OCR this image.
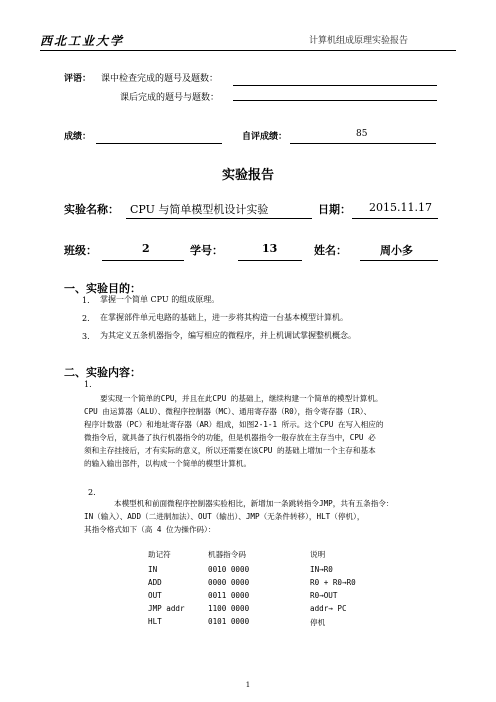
西北工业大学	计算机组成原理实验报告
评语： 课中检查完成的题号及题数：
课后完成的题号与题数：
成绩：	自评成绩：	85
实验报告
实验名称： CPU 与简单模型机设计实验	日期： 2015.11.17
班级：	2	学号：	13	姓名：	周小多
一、实验目的：
1. 掌握一个简单 CPU 的组成原理。
2. 在掌握部件单元电路的基础上，进一步将其构造一台基本模型计算机。
3. 为其定义五条机器指令，编写相应的微程序，并上机调试掌握整机概念。
二、实验内容：
1.
要实现一个简单的CPU，并且在此CPU 的基础上，继续构建一个简单的模型计算机。
CPU 由运算器（ALU）、微程序控制器（MC）、通用寄存器（R0），指令寄存器（IR）、
程序计数器（PC）和地址寄存器（AR）组成，如图2-1-1 所示。这个CPU 在写入相应的
微指令后，就具备了执行机器指令的功能，但是机器指令一般存放在主存当中，CPU 必
须和主存挂接后，才有实际的意义，所以还需要在该CPU 的基础上增加一个主存和基本
的输入输出部件，以构成一个简单的模型计算机。
2.
本模型机和前面微程序控制器实验相比，新增加一条跳转指令JMP，共有五条指令：
IN（输入）、ADD（二进制加法）、OUT（输出）、JMP（无条件转移），HLT（停机），
其指令格式如下（高 4 位为操作码）：
助记符	机器指令码	说明
IN	0010 0000	IN→R0
ADD	0000 0000	R0 + R0→R0
OUT	0011 0000	R0→OUT
JMP addr	1100 0000	addr→ PC
HLT	0101 0000	停机
1
